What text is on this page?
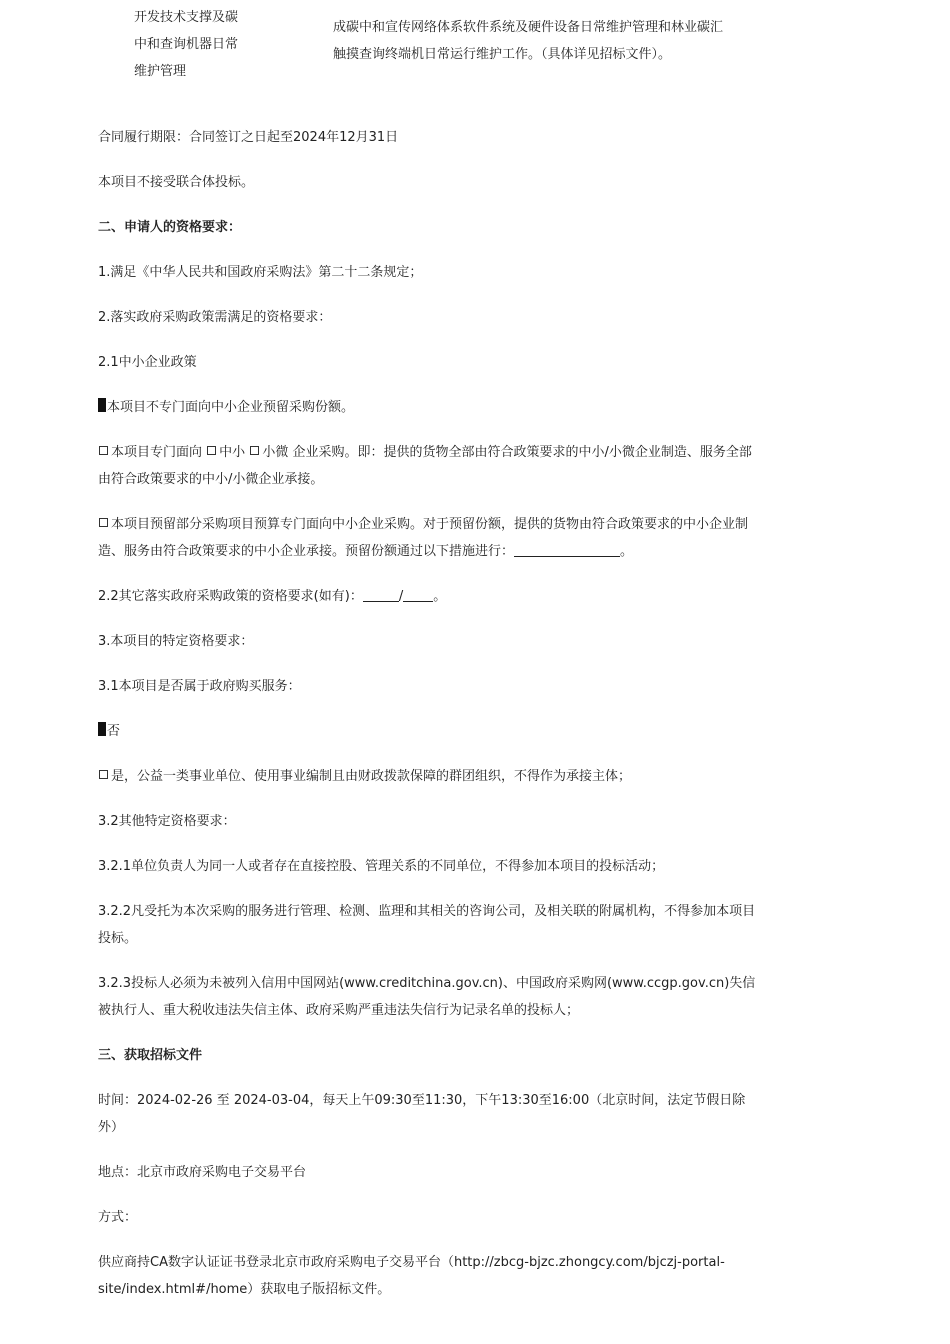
开发技术支撑及碳
中和查询机器日常
维护管理
成碳中和宣传网络体系软件系统及硬件设备日常维护管理和林业碳汇
触摸查询终端机日常运行维护工作。（具体详见招标文件）。

合同履行期限：合同签订之日起至2024年12月31日

本项目不接受联合体投标。

二、申请人的资格要求：

1.满足《中华人民共和国政府采购法》第二十二条规定；

2.落实政府采购政策需满足的资格要求：

2.1中小企业政策

本项目不专门面向中小企业预留采购份额。

本项目专门面向 中小 小微 企业采购。即：提供的货物全部由符合政策要求的中小/小微企业制造、服务全部由符合政策要求的中小/小微企业承接。

本项目预留部分采购项目预算专门面向中小企业采购。对于预留份额，提供的货物由符合政策要求的中小企业制造、服务由符合政策要求的中小企业承接。预留份额通过以下措施进行：	。

2.2其它落实政府采购政策的资格要求(如有)：	/ 。

3.本项目的特定资格要求：

3.1本项目是否属于政府购买服务：

否

是，公益一类事业单位、使用事业编制且由财政拨款保障的群团组织，不得作为承接主体；

3.2其他特定资格要求：

3.2.1单位负责人为同一人或者存在直接控股、管理关系的不同单位，不得参加本项目的投标活动；

3.2.2凡受托为本次采购的服务进行管理、检测、监理和其相关的咨询公司，及相关联的附属机构，不得参加本项目投标。

3.2.3投标人必须为未被列入信用中国网站(www.creditchina.gov.cn)、中国政府采购网(www.ccgp.gov.cn)失信被执行人、重大税收违法失信主体、政府采购严重违法失信行为记录名单的投标人；

三、获取招标文件

时间：2024-02-26 至 2024-03-04，每天上午09:30至11:30，下午13:30至16:00（北京时间，法定节假日除外）

地点：北京市政府采购电子交易平台

方式：

供应商持CA数字认证证书登录北京市政府采购电子交易平台（http://zbcg-bjzc.zhongcy.com/bjczj-portal-site/index.html#/home）获取电子版招标文件。
